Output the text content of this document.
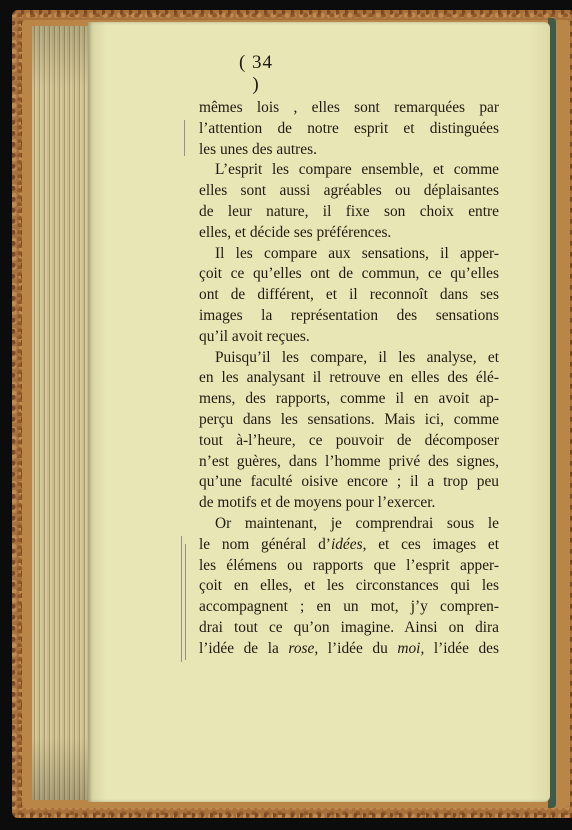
( 34 )
mêmes lois , elles sont remarquées par
l’attention de notre esprit et distinguées
les unes des autres.
L’esprit les compare ensemble, et comme
elles sont aussi agréables ou déplaisantes
de leur nature, il fixe son choix entre
elles, et décide ses préférences.
Il les compare aux sensations, il apper-
çoit ce qu’elles ont de commun, ce qu’elles
ont de différent, et il reconnoît dans ses
images la représentation des sensations
qu’il avoit reçues.
Puisqu’il les compare, il les analyse, et
en les analysant il retrouve en elles des élé-
mens, des rapports, comme il en avoit ap-
perçu dans les sensations. Mais ici, comme
tout à-l’heure, ce pouvoir de décomposer
n’est guères, dans l’homme privé des signes,
qu’une faculté oisive encore ; il a trop peu
de motifs et de moyens pour l’exercer.
Or maintenant, je comprendrai sous le
le nom général d’idées, et ces images et
les élémens ou rapports que l’esprit apper-
çoit en elles, et les circonstances qui les
accompagnent ; en un mot, j’y compren-
drai tout ce qu’on imagine. Ainsi on dira
l’idée de la rose, l’idée du moi, l’idée des
